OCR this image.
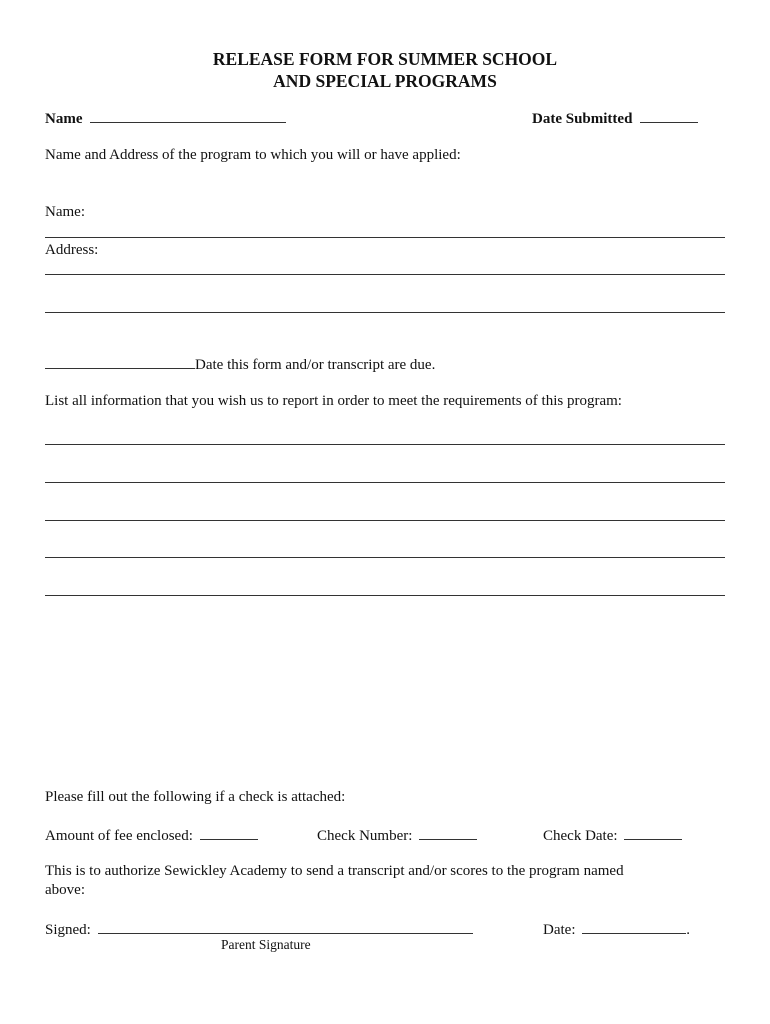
RELEASE FORM FOR SUMMER SCHOOL
AND SPECIAL PROGRAMS
Name	Date Submitted
Name and Address of the program to which you will or have applied:
Name:
Address:
Date this form and/or transcript are due.
List all information that you wish us to report in order to meet the requirements of this program:
Please fill out the following if a check is attached:
Amount of fee enclosed:	Check Number:	Check Date:
This is to authorize Sewickley Academy to send a transcript and/or scores to the program named
above:
Signed:	Date:	.
Parent Signature
